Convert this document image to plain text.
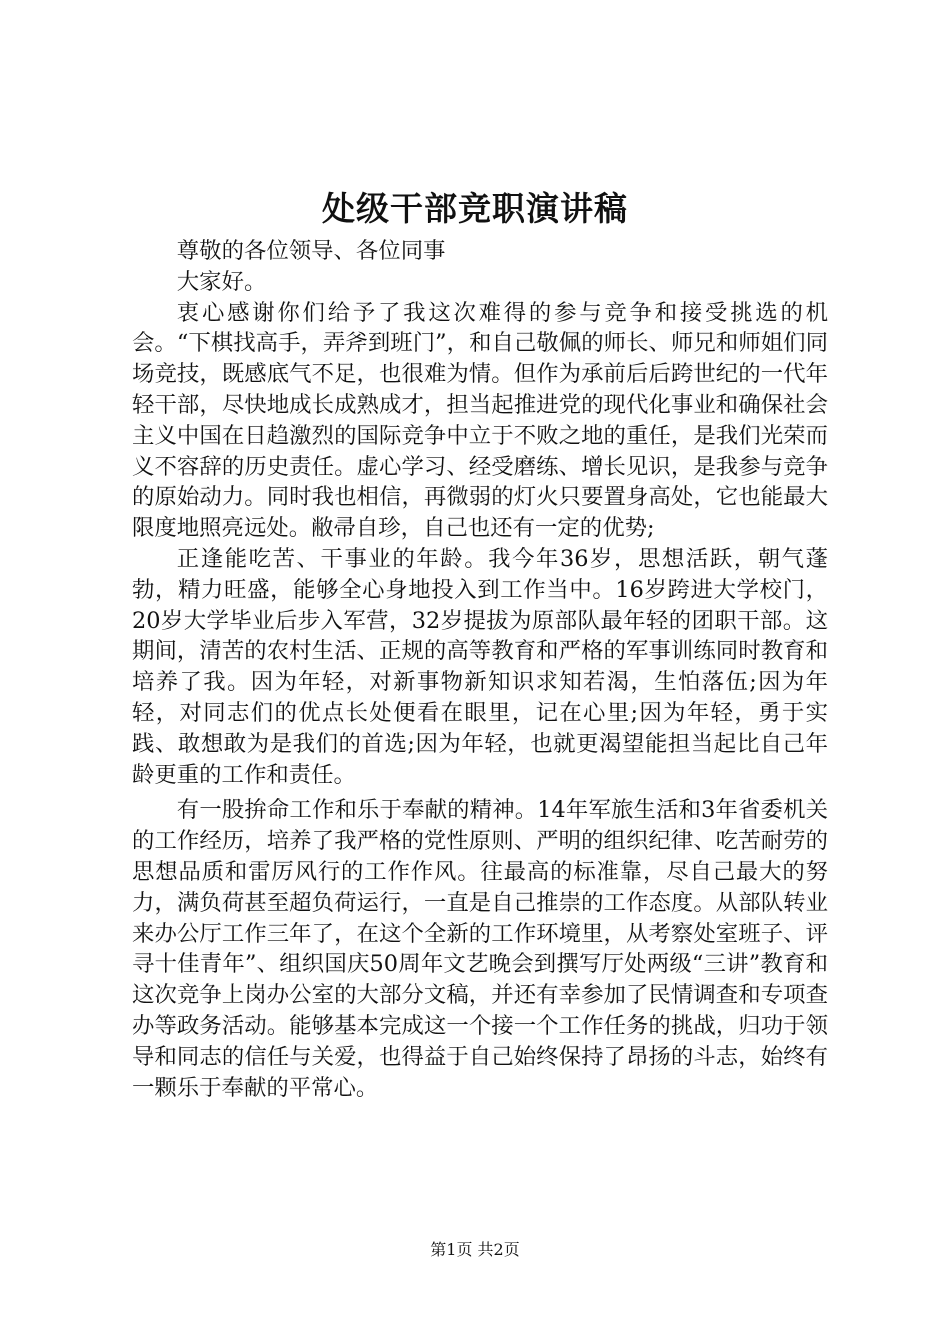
处级干部竞职演讲稿

尊敬的各位领导、各位同事

大家好。

衷心感谢你们给予了我这次难得的参与竞争和接受挑选的机会。“下棋找高手，弄斧到班门”，和自己敬佩的师长、师兄和师姐们同场竞技，既感底气不足，也很难为情。但作为承前后后跨世纪的一代年轻干部，尽快地成长成熟成才，担当起推进党的现代化事业和确保社会主义中国在日趋激烈的国际竞争中立于不败之地的重任，是我们光荣而义不容辞的历史责任。虚心学习、经受磨练、增长见识，是我参与竞争的原始动力。同时我也相信，再微弱的灯火只要置身高处，它也能最大限度地照亮远处。敝帚自珍，自己也还有一定的优势;

正逢能吃苦、干事业的年龄。我今年36岁，思想活跃，朝气蓬勃，精力旺盛，能够全心身地投入到工作当中。16岁跨进大学校门，20岁大学毕业后步入军营，32岁提拔为原部队最年轻的团职干部。这期间，清苦的农村生活、正规的高等教育和严格的军事训练同时教育和培养了我。因为年轻，对新事物新知识求知若渴，生怕落伍;因为年轻，对同志们的优点长处便看在眼里，记在心里;因为年轻，勇于实践、敢想敢为是我们的首选;因为年轻，也就更渴望能担当起比自己年龄更重的工作和责任。

有一股拚命工作和乐于奉献的精神。14年军旅生活和3年省委机关的工作经历，培养了我严格的党性原则、严明的组织纪律、吃苦耐劳的思想品质和雷厉风行的工作作风。往最高的标准靠，尽自己最大的努力，满负荷甚至超负荷运行，一直是自己推崇的工作态度。从部队转业来办公厅工作三年了，在这个全新的工作环境里，从考察处室班子、评寻十佳青年”、组织国庆50周年文艺晚会到撰写厅处两级“三讲”教育和这次竞争上岗办公室的大部分文稿，并还有幸参加了民情调查和专项查办等政务活动。能够基本完成这一个接一个工作任务的挑战，归功于领导和同志的信任与关爱，也得益于自己始终保持了昂扬的斗志，始终有一颗乐于奉献的平常心。

第1页 共2页
